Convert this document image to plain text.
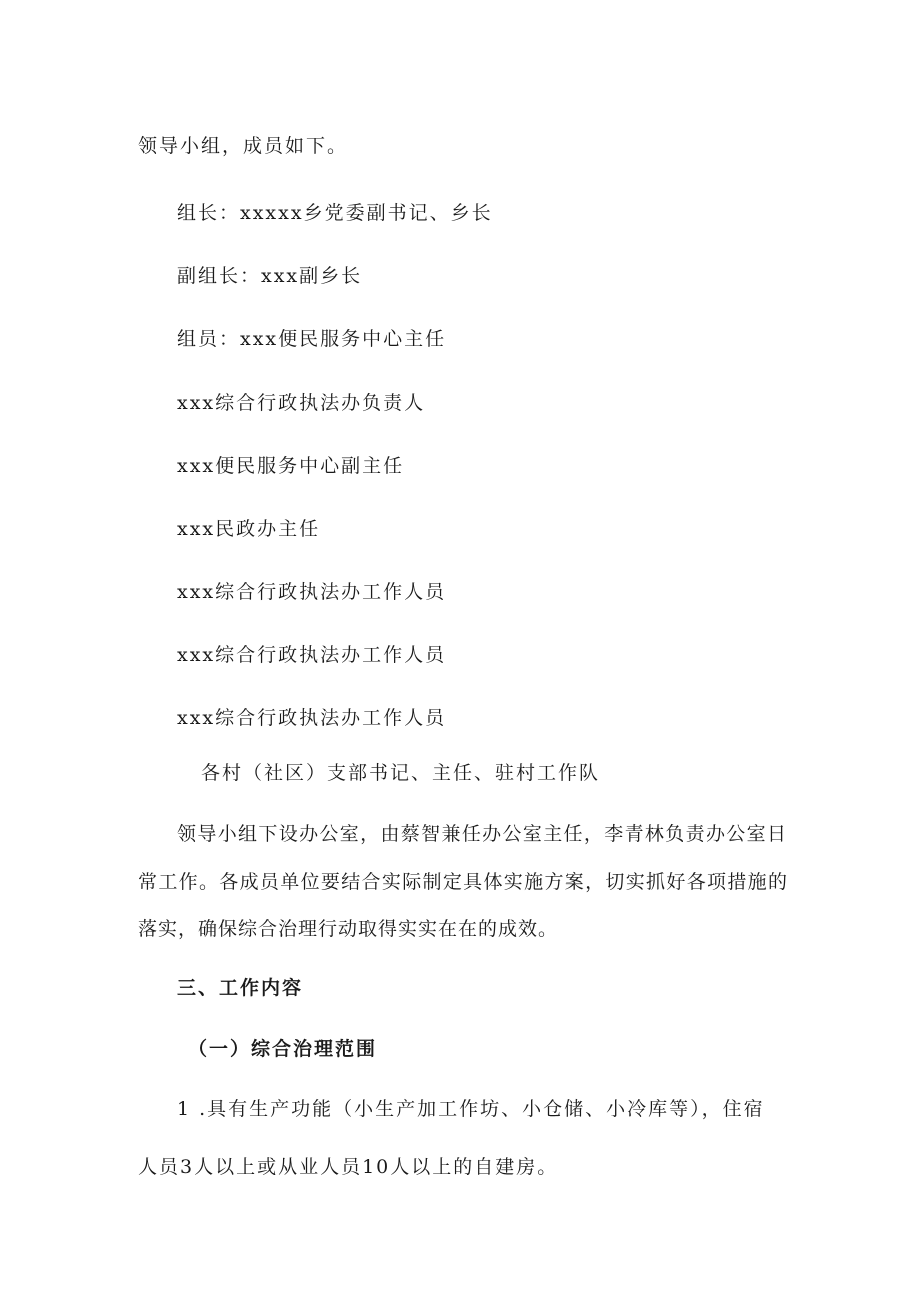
领导小组，成员如下。
组长：xxxxx乡党委副书记、乡长
副组长：xxx副乡长
组员：xxx便民服务中心主任
xxx综合行政执法办负责人
xxx便民服务中心副主任
xxx民政办主任
xxx综合行政执法办工作人员
xxx综合行政执法办工作人员
xxx综合行政执法办工作人员
各村（社区）支部书记、主任、驻村工作队
领导小组下设办公室，由蔡智兼任办公室主任，李青林负责办公室日
常工作。各成员单位要结合实际制定具体实施方案，切实抓好各项措施的
落实，确保综合治理行动取得实实在在的成效。
三、工作内容
（一）综合治理范围
1 .具有生产功能（小生产加工作坊、小仓储、小冷库等），住宿
人员3人以上或从业人员10人以上的自建房。
